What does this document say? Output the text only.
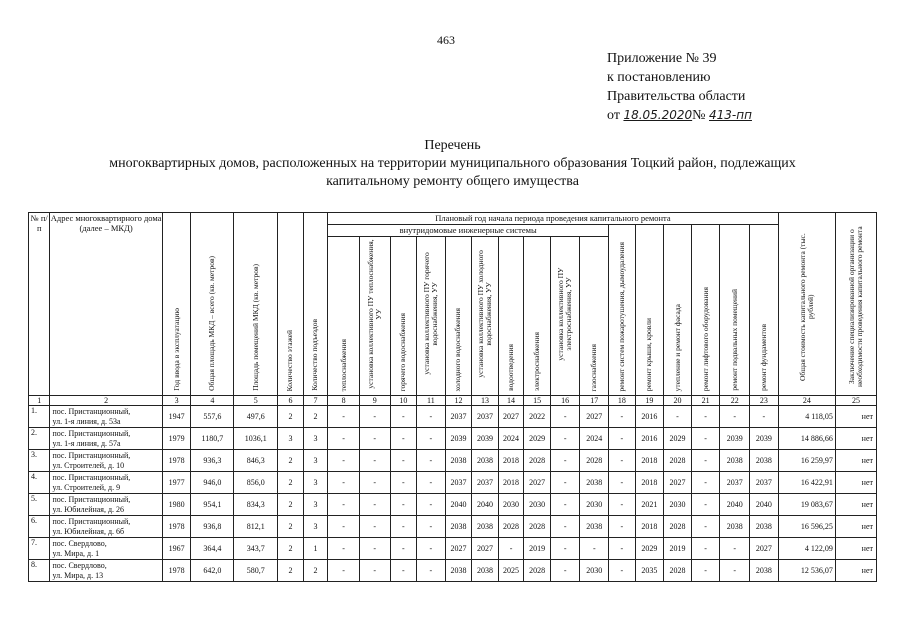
463
Приложение № 39
к постановлению
Правительства области
от 18.05.2020№ 413-пп
Перечень
многоквартирных домов, расположенных на территории муниципального образования Тоцкий район, подлежащих
капитальному ремонту общего имущества
№ п/п	Адрес многоквартирного дома (далее – МКД)	Год ввода в эксплуатацию	Общая площадь МКД – всего (кв. метров)	Площадь помещений МКД (кв. метров)	Количество этажей	Количество подъездов	Плановый год начала периода проведения капитального ремонта																Общая стоимость капитального ремонта (тыс. рублей)	Заключение специализированной организации о необходимости проведения капитального ремонта
							внутридомовые инженерные системы										ремонт систем пожаротушения, дымоудаления	ремонт крыши, кровли	утепление и ремонт фасада	ремонт лифтового оборудования	ремонт подвальных помещений	ремонт фундаментов		
							теплоснабжения	установка коллективного ПУ теплоснабжения, УУ	горячего водоснабжения	установка коллективного ПУ горячего водоснабжения, УУ	холодного водоснабжения	установка коллективного ПУ холодного водоснабжения, УУ	водоотведения	электроснабжения	установка коллективного ПУ электроснабжения, УУ	газоснабжения								
1	2	3	4	5	6	7	8	9	10	11	12	13	14	15	16	17	18	19	20	21	22	23	24	25
1.	пос. Пристанционный,
ул. 1-я линия, д. 53а	1947	557,6	497,6	2	2	-	-	-	-	2037	2037	2027	2022	-	2027	-	2016	-	-	-	-	4 118,05	нет
2.	пос. Пристанционный,
ул. 1-я линия, д. 57а	1979	1180,7	1036,1	3	3	-	-	-	-	2039	2039	2024	2029	-	2024	-	2016	2029	-	2039	2039	14 886,66	нет
3.	пос. Пристанционный,
ул. Строителей, д. 10	1978	936,3	846,3	2	3	-	-	-	-	2038	2038	2018	2028	-	2028	-	2018	2028	-	2038	2038	16 259,97	нет
4.	пос. Пристанционный,
ул. Строителей, д. 9	1977	946,0	856,0	2	3	-	-	-	-	2037	2037	2018	2027	-	2038	-	2018	2027	-	2037	2037	16 422,91	нет
5.	пос. Пристанционный,
ул. Юбилейная, д. 26	1980	954,1	834,3	2	3	-	-	-	-	2040	2040	2030	2030	-	2030	-	2021	2030	-	2040	2040	19 083,67	нет
6.	пос. Пристанционный,
ул. Юбилейная, д. 6б	1978	936,8	812,1	2	3	-	-	-	-	2038	2038	2028	2028	-	2038	-	2018	2028	-	2038	2038	16 596,25	нет
7.	пос. Свердлово,
ул. Мира, д. 1	1967	364,4	343,7	2	1	-	-	-	-	2027	2027	-	2019	-	-	-	2029	2019	-	-	2027	4 122,09	нет
8.	пос. Свердлово,
ул. Мира, д. 13	1978	642,0	580,7	2	2	-	-	-	-	2038	2038	2025	2028	-	2030	-	2035	2028	-	-	2038	12 536,07	нет
